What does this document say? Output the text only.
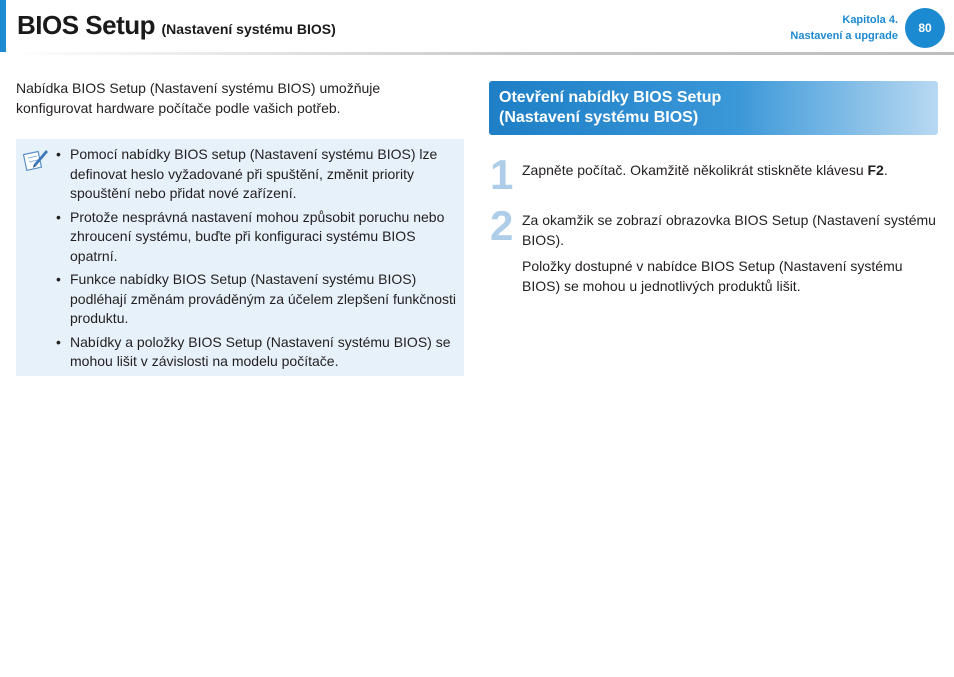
BIOS Setup (Nastavení systému BIOS)
Kapitola 4.
Nastavení a upgrade
80
Nabídka BIOS Setup (Nastavení systému BIOS) umožňuje konfigurovat hardware počítače podle vašich potřeb.
• Pomocí nabídky BIOS setup (Nastavení systému BIOS) lze definovat heslo vyžadované při spuštění, změnit priority spouštění nebo přidat nové zařízení.
• Protože nesprávná nastavení mohou způsobit poruchu nebo zhroucení systému, buďte při konfiguraci systému BIOS opatrní.
• Funkce nabídky BIOS Setup (Nastavení systému BIOS) podléhají změnám prováděným za účelem zlepšení funkčnosti produktu.
• Nabídky a položky BIOS Setup (Nastavení systému BIOS) se mohou lišit v závislosti na modelu počítače.
Otevření nabídky BIOS Setup
(Nastavení systému BIOS)
1 Zapněte počítač. Okamžitě několikrát stiskněte klávesu F2.
2 Za okamžik se zobrazí obrazovka BIOS Setup (Nastavení systému BIOS).
Položky dostupné v nabídce BIOS Setup (Nastavení systému BIOS) se mohou u jednotlivých produktů lišit.
